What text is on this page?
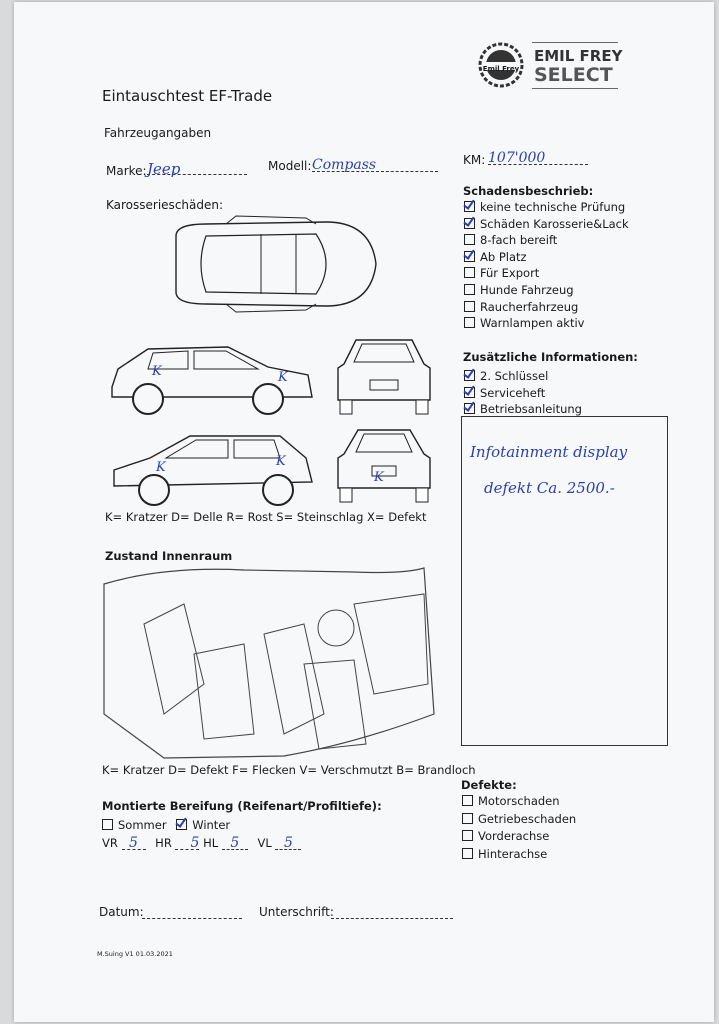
Emil Frey
EMIL FREY
SELECT
Eintauschtest EF-Trade
Fahrzeugangaben
Marke: Jeep	Modell: Compass	KM: 107'000
Karosserieschäden:
K	K
K	K
K
K= Kratzer D= Delle R= Rost S= Steinschlag X= Defekt
Zustand Innenraum
K= Kratzer D= Defekt F= Flecken V= Verschmutzt B= Brandloch
Schadensbeschrieb:
keine technische Prüfung
Schäden Karosserie&Lack
8-fach bereift
Ab Platz
Für Export
Hunde Fahrzeug
Raucherfahrzeug
Warnlampen aktiv
Zusätzliche Informationen:
2. Schlüssel
Serviceheft
Betriebsanleitung
Infotainment display
defekt Ca. 2500.-
Montierte Bereifung (Reifenart/Profiltiefe):
Sommer Winter
VR 5 HR 5 HL 5 VL 5
Defekte:
Motorschaden
Getriebeschaden
Vorderachse
Hinterachse
Datum:	Unterschrift:
M.Suing V1 01.03.2021
